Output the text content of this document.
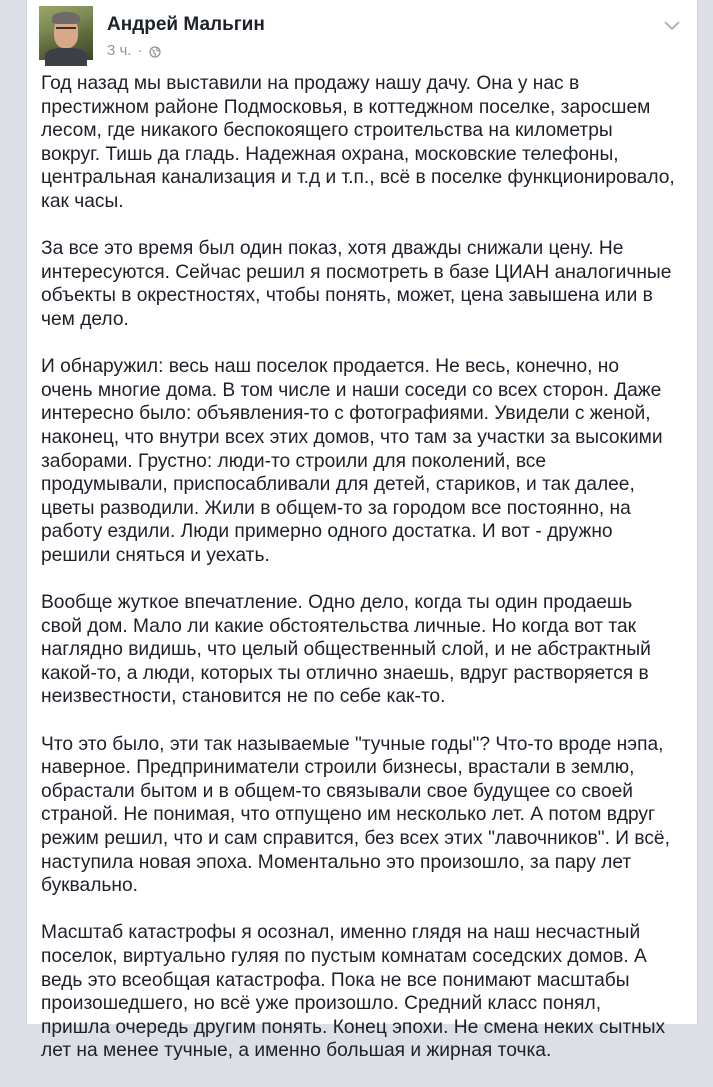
Андрей Мальгин
3 ч. ·

Год назад мы выставили на продажу нашу дачу. Она у нас в
престижном районе Подмосковья, в коттеджном поселке, заросшем
лесом, где никакого беспокоящего строительства на километры
вокруг. Тишь да гладь. Надежная охрана, московские телефоны,
центральная канализация и т.д и т.п., всё в поселке функционировало,
как часы.

За все это время был один показ, хотя дважды снижали цену. Не
интересуются. Сейчас решил я посмотреть в базе ЦИАН аналогичные
объекты в окрестностях, чтобы понять, может, цена завышена или в
чем дело.

И обнаружил: весь наш поселок продается. Не весь, конечно, но
очень многие дома. В том числе и наши соседи со всех сторон. Даже
интересно было: объявления-то с фотографиями. Увидели с женой,
наконец, что внутри всех этих домов, что там за участки за высокими
заборами. Грустно: люди-то строили для поколений, все
продумывали, приспосабливали для детей, стариков, и так далее,
цветы разводили. Жили в общем-то за городом все постоянно, на
работу ездили. Люди примерно одного достатка. И вот - дружно
решили сняться и уехать.

Вообще жуткое впечатление. Одно дело, когда ты один продаешь
свой дом. Мало ли какие обстоятельства личные. Но когда вот так
наглядно видишь, что целый общественный слой, и не абстрактный
какой-то, а люди, которых ты отлично знаешь, вдруг растворяется в
неизвестности, становится не по себе как-то.

Что это было, эти так называемые "тучные годы"? Что-то вроде нэпа,
наверное. Предприниматели строили бизнесы, врастали в землю,
обрастали бытом и в общем-то связывали свое будущее со своей
страной. Не понимая, что отпущено им несколько лет. А потом вдруг
режим решил, что и сам справится, без всех этих "лавочников". И всё,
наступила новая эпоха. Моментально это произошло, за пару лет
буквально.

Масштаб катастрофы я осознал, именно глядя на наш несчастный
поселок, виртуально гуляя по пустым комнатам соседских домов. А
ведь это всеобщая катастрофа. Пока не все понимают масштабы
произошедшего, но всё уже произошло. Средний класс понял,
пришла очередь другим понять. Конец эпохи. Не смена неких сытных
лет на менее тучные, а именно большая и жирная точка.
